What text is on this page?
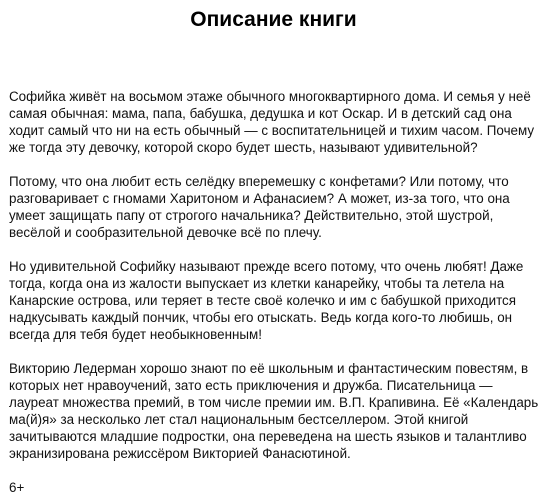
Описание книги

Софийка живёт на восьмом этаже обычного многоквартирного дома. И семья у неё самая обычная: мама, папа, бабушка, дедушка и кот Оскар. И в детский сад она ходит самый что ни на есть обычный — с воспитательницей и тихим часом. Почему же тогда эту девочку, которой скоро будет шесть, называют удивительной?

Потому, что она любит есть селёдку вперемешку с конфетами? Или потому, что разговаривает с гномами Харитоном и Афанасием? А может, из-за того, что она умеет защищать папу от строгого начальника? Действительно, этой шустрой, весёлой и сообразительной девочке всё по плечу.

Но удивительной Софийку называют прежде всего потому, что очень любят! Даже тогда, когда она из жалости выпускает из клетки канарейку, чтобы та летела на Канарские острова, или теряет в тесте своё колечко и им с бабушкой приходится надкусывать каждый пончик, чтобы его отыскать. Ведь когда кого-то любишь, он всегда для тебя будет необыкновенным!

Викторию Ледерман хорошо знают по её школьным и фантастическим повестям, в которых нет нравоучений, зато есть приключения и дружба. Писательница — лауреат множества премий, в том числе премии им. В.П. Крапивина. Её «Календарь ма(й)я» за несколько лет стал национальным бестселлером. Этой книгой зачитываются младшие подростки, она переведена на шесть языков и талантливо экранизирована режиссёром Викторией Фанасютиной.

6+
